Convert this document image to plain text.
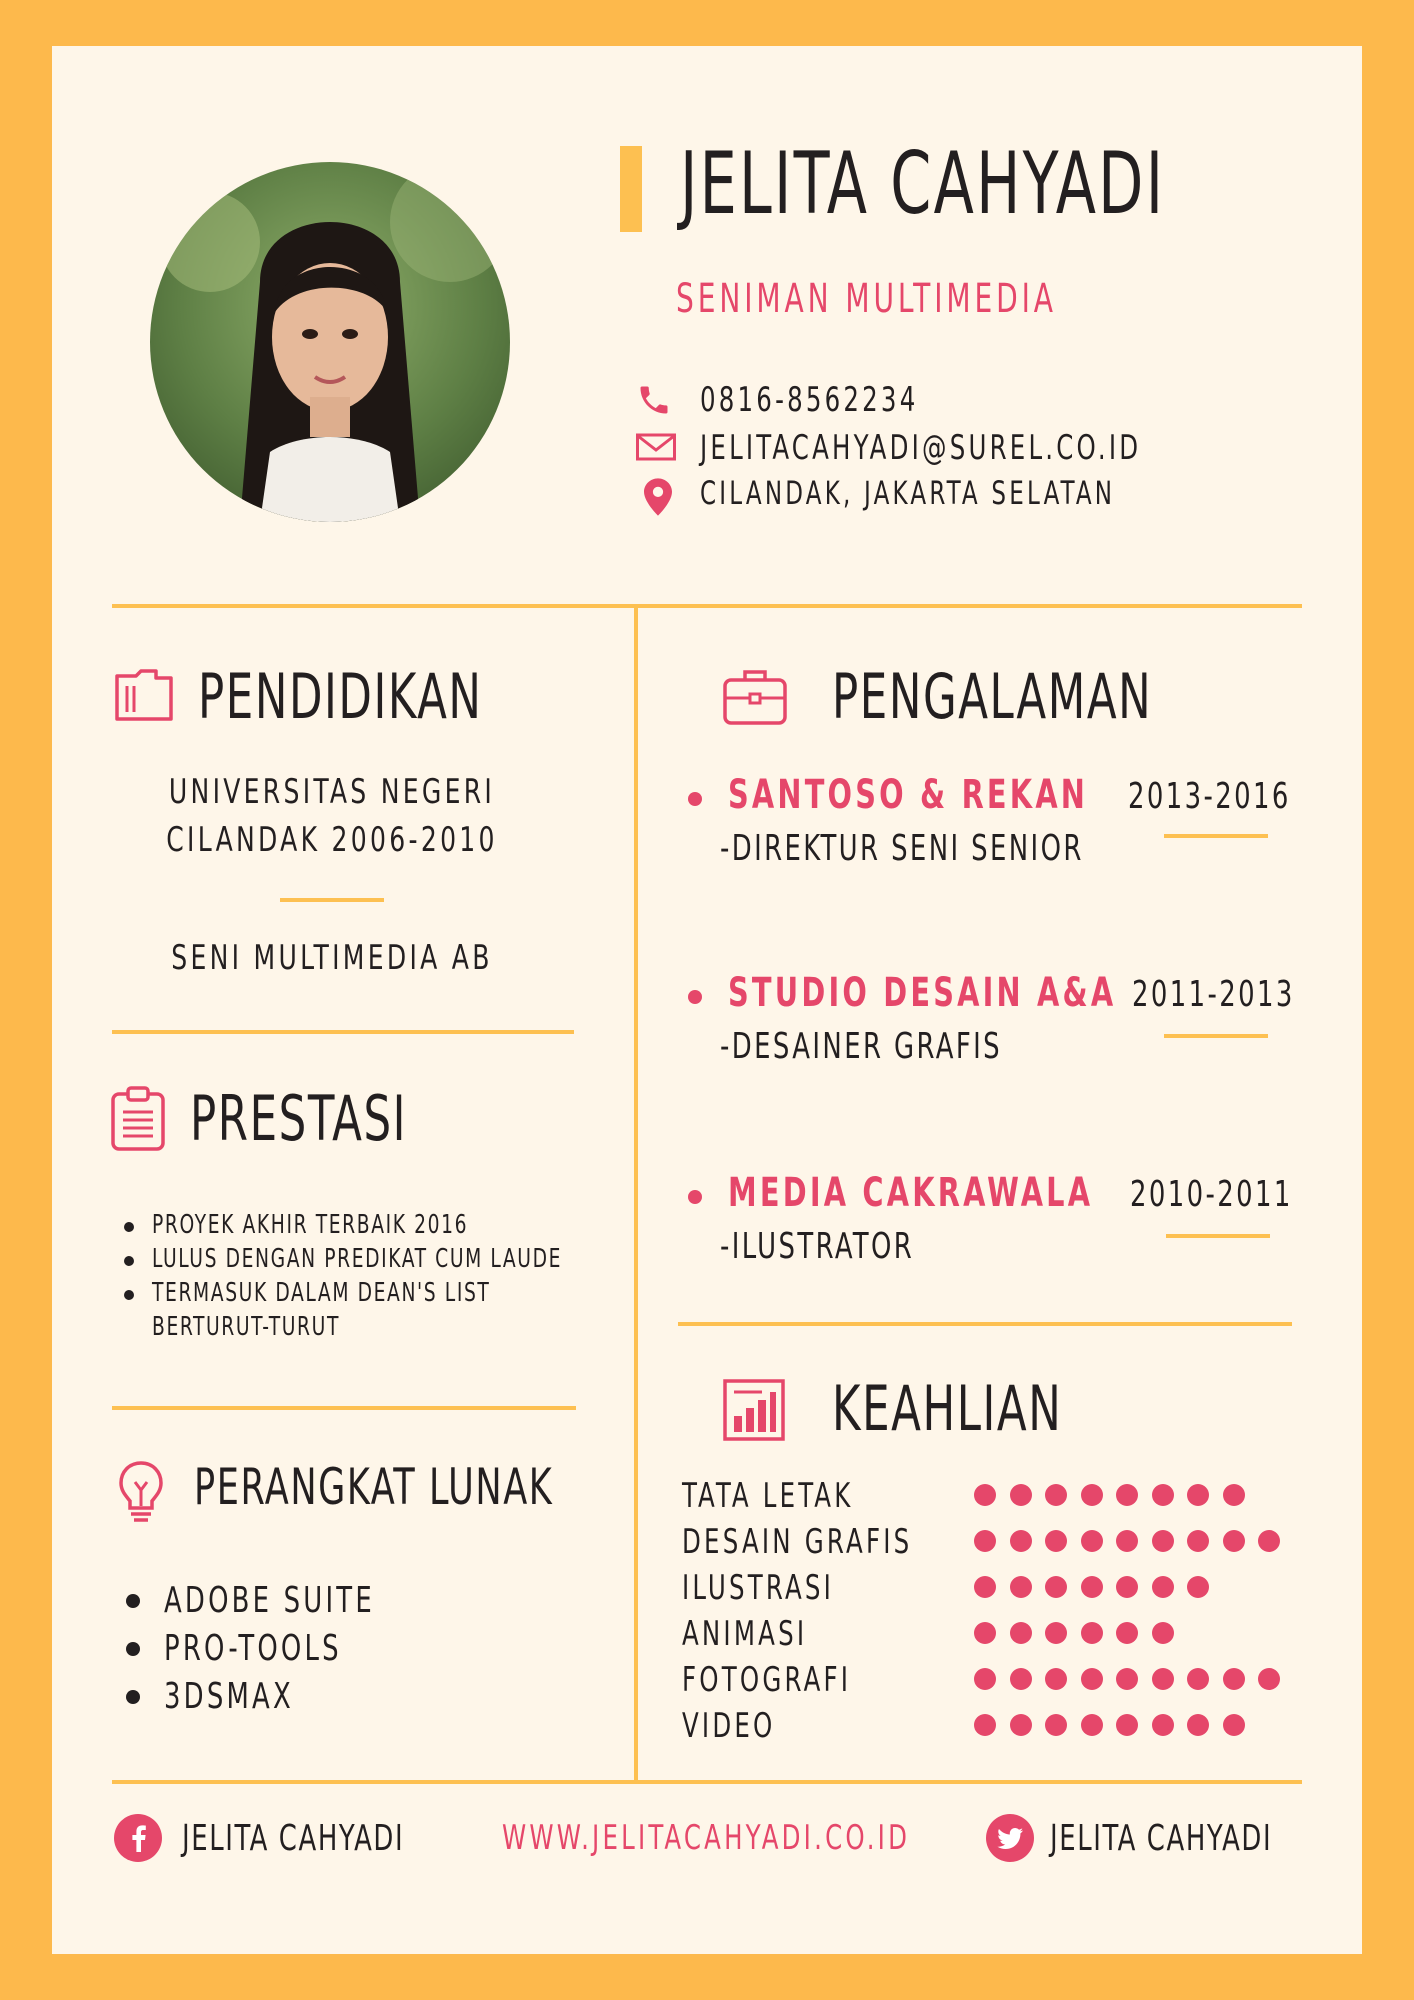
JELITA CAHYADI
SENIMAN MULTIMEDIA
0816-8562234
JELITACAHYADI@SUREL.CO.ID
CILANDAK, JAKARTA SELATAN
PENDIDIKAN
UNIVERSITAS NEGERI
CILANDAK 2006-2010
SENI MULTIMEDIA AB
PRESTASI
PROYEK AKHIR TERBAIK 2016
LULUS DENGAN PREDIKAT CUM LAUDE
TERMASUK DALAM DEAN'S LIST
BERTURUT-TURUT
PERANGKAT LUNAK
ADOBE SUITE
PRO-TOOLS
3DSMAX
PENGALAMAN
SANTOSO & REKAN 2013-2016
-DIREKTUR SENI SENIOR
STUDIO DESAIN A&A 2011-2013
-DESAINER GRAFIS
MEDIA CAKRAWALA 2010-2011
-ILUSTRATOR
KEAHLIAN
TATA LETAK
DESAIN GRAFIS
ILUSTRASI
ANIMASI
FOTOGRAFI
VIDEO
JELITA CAHYADI	WWW.JELITACAHYADI.CO.ID	JELITA CAHYADI
